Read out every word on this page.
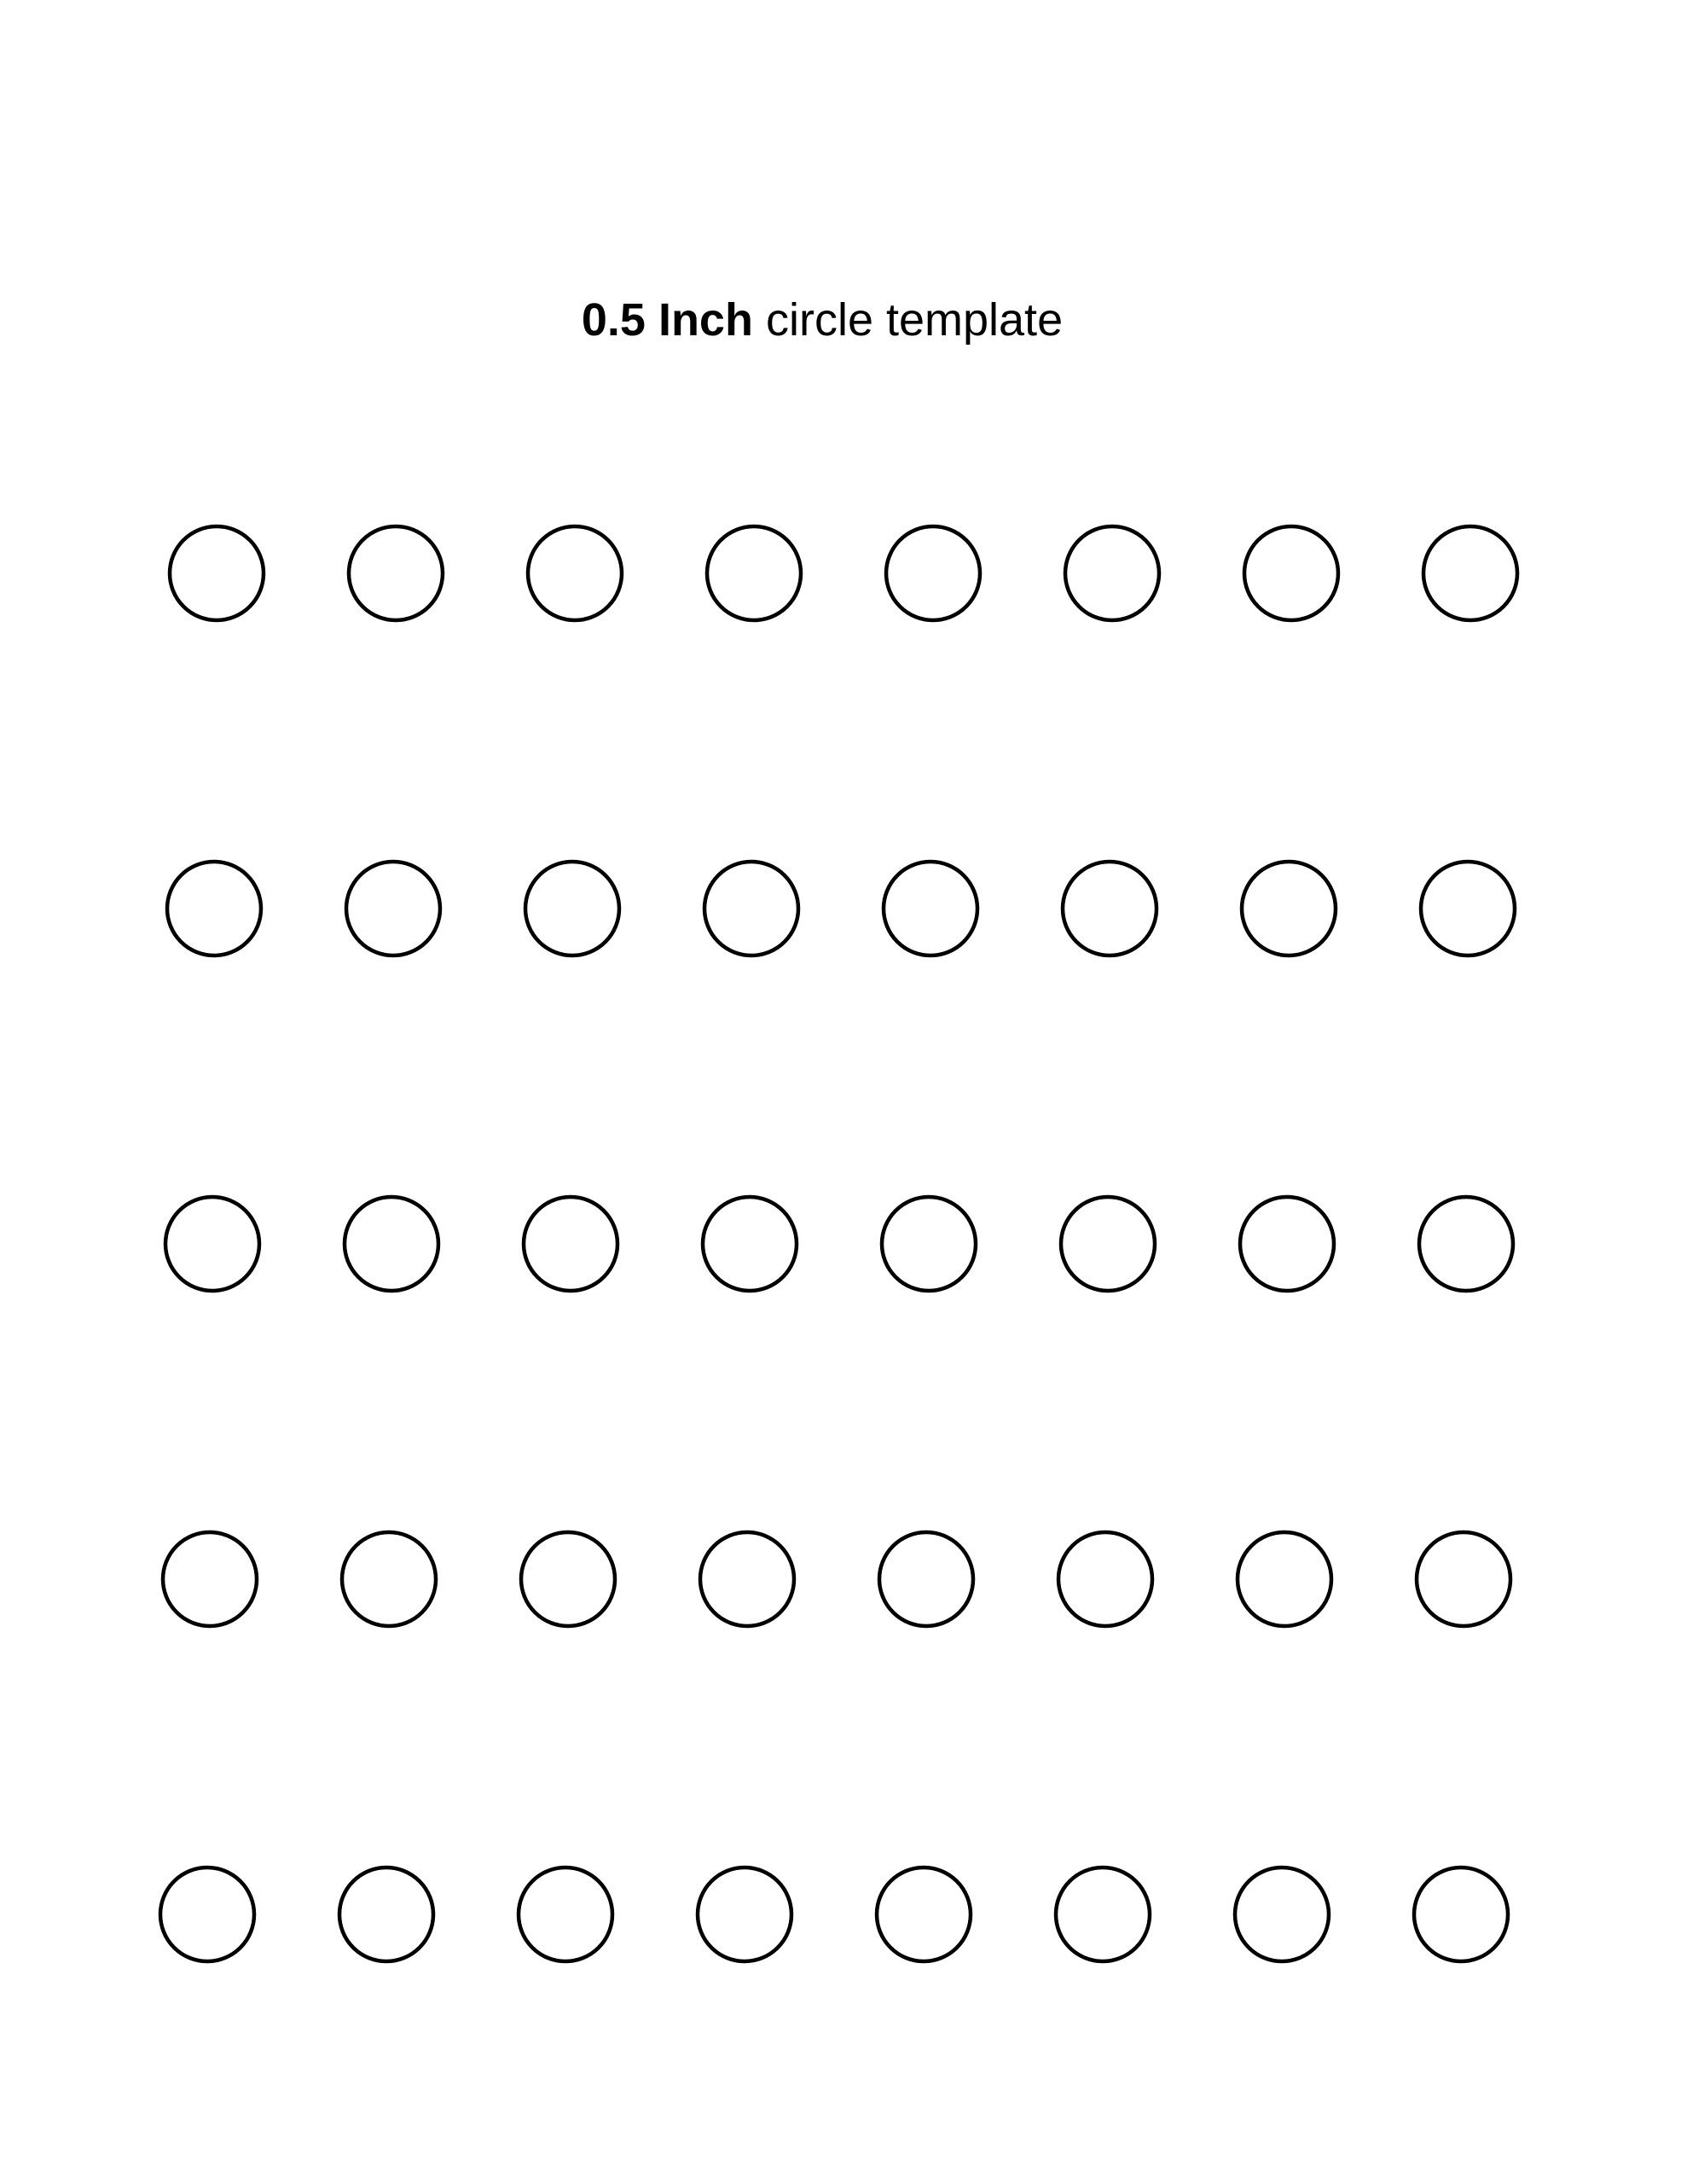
0.5 Inch circle template
